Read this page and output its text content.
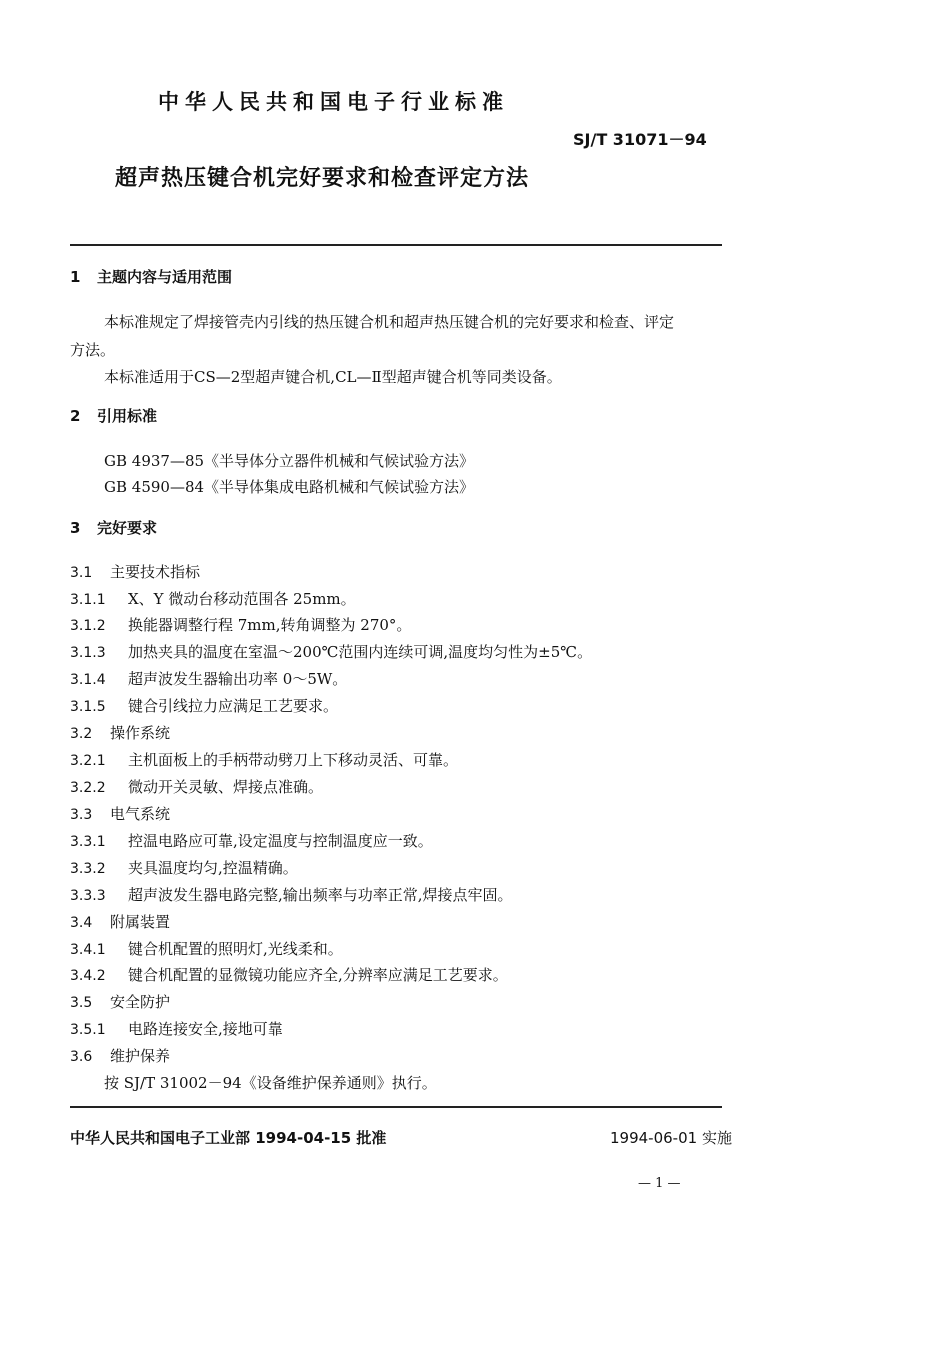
中华人民共和国电子行业标准
SJ/T 31071－94
超声热压键合机完好要求和检查评定方法
1 主题内容与适用范围
本标准规定了焊接管壳内引线的热压键合机和超声热压键合机的完好要求和检查、评定
方法。
本标准适用于CS—2型超声键合机,CL—Ⅱ型超声键合机等同类设备。
2 引用标准
GB 4937—85《半导体分立器件机械和气候试验方法》
GB 4590—84《半导体集成电路机械和气候试验方法》
3 完好要求
3.1 主要技术指标
3.1.1 X、Y 微动台移动范围各 25mm。
3.1.2 换能器调整行程 7mm,转角调整为 270°。
3.1.3 加热夹具的温度在室温～200℃范围内连续可调,温度均匀性为±5℃。
3.1.4 超声波发生器输出功率 0～5W。
3.1.5 键合引线拉力应满足工艺要求。
3.2 操作系统
3.2.1 主机面板上的手柄带动劈刀上下移动灵活、可靠。
3.2.2 微动开关灵敏、焊接点准确。
3.3 电气系统
3.3.1 控温电路应可靠,设定温度与控制温度应一致。
3.3.2 夹具温度均匀,控温精确。
3.3.3 超声波发生器电路完整,输出频率与功率正常,焊接点牢固。
3.4 附属装置
3.4.1 键合机配置的照明灯,光线柔和。
3.4.2 键合机配置的显微镜功能应齐全,分辨率应满足工艺要求。
3.5 安全防护
3.5.1 电路连接安全,接地可靠
3.6 维护保养
按 SJ/T 31002－94《设备维护保养通则》执行。
中华人民共和国电子工业部 1994-04-15 批准	1994-06-01 实施
— 1 —
